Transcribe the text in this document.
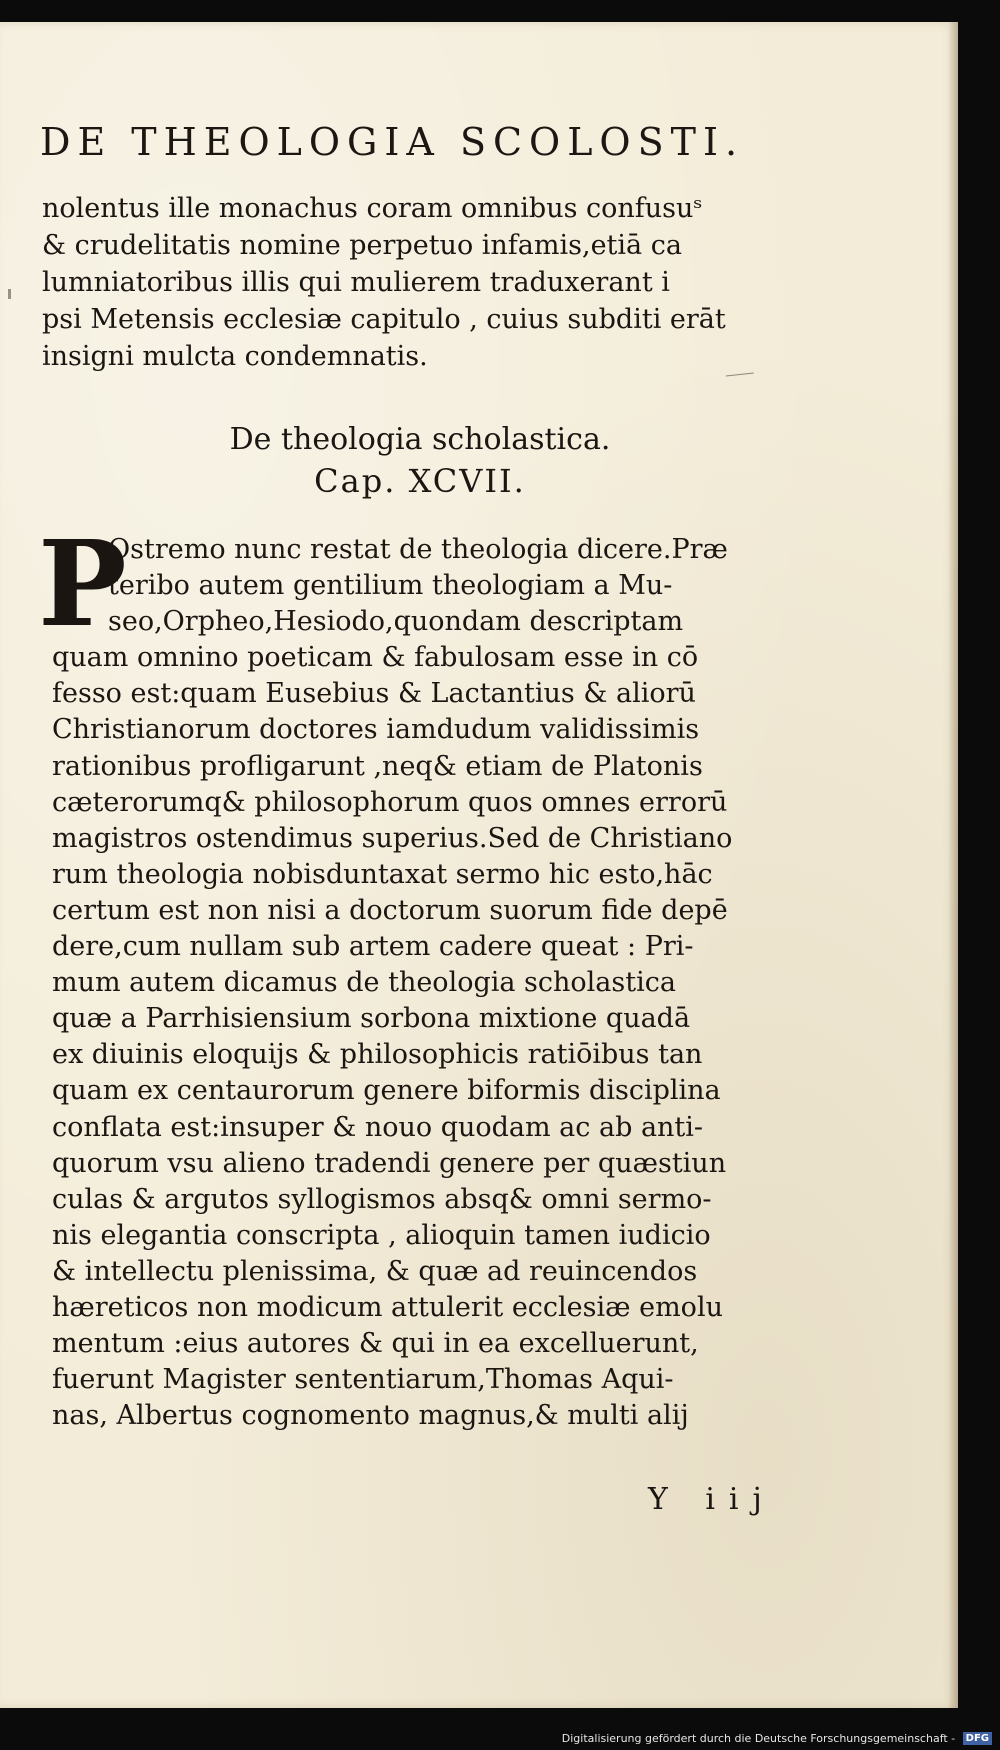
DE THEOLOGIA SCOLOSTI.
nolentus ille monachus coram omnibus confusuˢ
& crudelitatis nomine perpetuo infamis,etiā ca
lumniatoribus illis qui mulierem traduxerant i
psi Metensis ecclesiæ capitulo , cuius subditi erāt
insigni mulcta condemnatis.
De theologia scholastica.
Cap. XCVII.
P
Ostremo nunc restat de theologia dicere.Præ
teribo autem gentilium theologiam a Mu-
seo,Orpheo,Hesiodo,quondam descriptam
quam omnino poeticam & fabulosam esse in cō
fesso est:quam Eusebius & Lactantius & aliorū
Christianorum doctores iamdudum validissimis
rationibus profligarunt ,neq& etiam de Platonis
cæterorumq& philosophorum quos omnes errorū
magistros ostendimus superius.Sed de Christiano
rum theologia nobisduntaxat sermo hic esto,hāc
certum est non nisi a doctorum suorum fide depē
dere,cum nullam sub artem cadere queat : Pri-
mum autem dicamus de theologia scholastica
quæ a Parrhisiensium sorbona mixtione quadā
ex diuinis eloquijs & philosophicis ratiōibus tan
quam ex centaurorum genere biformis disciplina
conflata est:insuper & nouo quodam ac ab anti-
quorum vsu alieno tradendi genere per quæstiun
culas & argutos syllogismos absq& omni sermo-
nis elegantia conscripta , alioquin tamen iudicio
& intellectu plenissima, & quæ ad reuincendos
hæreticos non modicum attulerit ecclesiæ emolu
mentum :eius autores & qui in ea excelluerunt,
fuerunt Magister sententiarum,Thomas Aqui-
nas, Albertus cognomento magnus,& multi alij
Y iij
Digitalisierung gefördert durch die Deutsche Forschungsgemeinschaft - DFG
